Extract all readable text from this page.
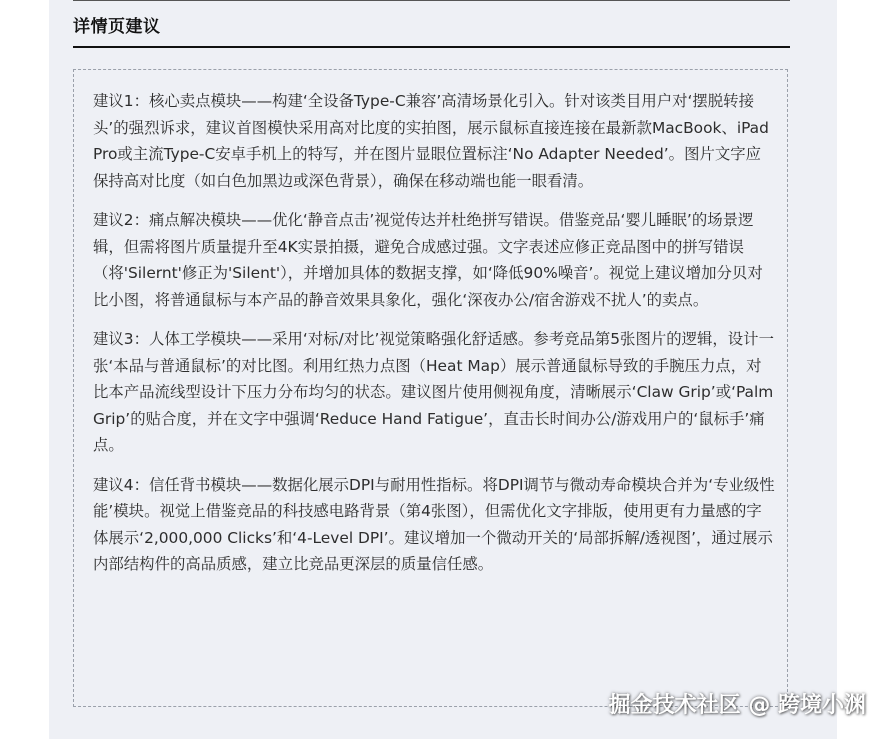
详情页建议

建议1：核心卖点模块——构建‘全设备Type-C兼容’高清场景化引入。针对该类目用户对‘摆脱转接头’的强烈诉求，建议首图模快采用高对比度的实拍图，展示鼠标直接连接在最新款MacBook、iPad Pro或主流Type-C安卓手机上的特写，并在图片显眼位置标注‘No Adapter Needed’。图片文字应保持高对比度（如白色加黑边或深色背景），确保在移动端也能一眼看清。

建议2：痛点解决模块——优化‘静音点击’视觉传达并杜绝拼写错误。借鉴竞品‘婴儿睡眠’的场景逻辑，但需将图片质量提升至4K实景拍摄，避免合成感过强。文字表述应修正竞品图中的拼写错误（将'Silernt'修正为'Silent'），并增加具体的数据支撑，如‘降低90%噪音’。视觉上建议增加分贝对比小图，将普通鼠标与本产品的静音效果具象化，强化‘深夜办公/宿舍游戏不扰人’的卖点。

建议3：人体工学模块——采用‘对标/对比’视觉策略强化舒适感。参考竞品第5张图片的逻辑，设计一张‘本品与普通鼠标’的对比图。利用红热力点图（Heat Map）展示普通鼠标导致的手腕压力点，对比本产品流线型设计下压力分布均匀的状态。建议图片使用侧视角度，清晰展示‘Claw Grip’或‘Palm Grip’的贴合度，并在文字中强调‘Reduce Hand Fatigue’，直击长时间办公/游戏用户的‘鼠标手’痛点。

建议4：信任背书模块——数据化展示DPI与耐用性指标。将DPI调节与微动寿命模块合并为‘专业级性能’模块。视觉上借鉴竞品的科技感电路背景（第4张图），但需优化文字排版，使用更有力量感的字体展示‘2,000,000 Clicks’和‘4-Level DPI’。建议增加一个微动开关的‘局部拆解/透视图’，通过展示内部结构件的高品质感，建立比竞品更深层的质量信任感。

掘金技术社区 @ 跨境小渊
